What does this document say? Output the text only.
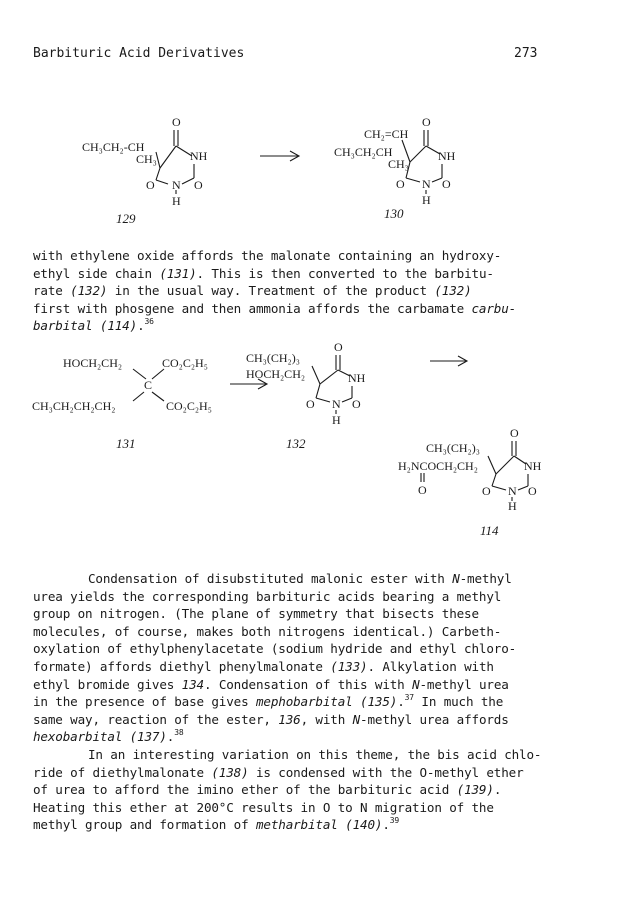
Barbituric Acid Derivatives	273
O
CH₃CH₂-CH
NH
CH₃
O N O
H
129
O
CH₂=CH
CH₃CH₂CH	NH
CH₃
O N O
H
130

with ethylene oxide affords the malonate containing an hydroxy-

ethyl side chain (131). This is then converted to the barbitu-

rate (132) in the usual way. Treatment of the product (132)

first with phosgene and then ammonia affords the carbamate carbu-

barbital (114).$^{36}$

HOCH₂CH₂	CO₂C₂H₅
C
CH₃CH₂CH₂CH₂	CO₂C₂H₅
131
O
CH₃(CH₂)₃
HOCH₂CH₂	NH
O N O
H
132
O
CH₃(CH₂)₃
H₂NCOCH₂CH₂
O
NH
O N O
H
114

Condensation of disubstituted malonic ester with N-methyl

urea yields the corresponding barbituric acids bearing a methyl

group on nitrogen. (The plane of symmetry that bisects these

molecules, of course, makes both nitrogens identical.) Carbeth-

oxylation of ethylphenylacetate (sodium hydride and ethyl chloro-

formate) affords diethyl phenylmalonate (133). Alkylation with

ethyl bromide gives 134. Condensation of this with N-methyl urea

in the presence of base gives mephobarbital (135).$^{37}$ In much the

same way, reaction of the ester, 136, with N-methyl urea affords

hexobarbital (137).$^{38}$

In an interesting variation on this theme, the bis acid chlo-

ride of diethylmalonate (138) is condensed with the O-methyl ether

of urea to afford the imino ether of the barbituric acid (139).

Heating this ether at 200°C results in O to N migration of the

methyl group and formation of metharbital (140).$^{39}$
